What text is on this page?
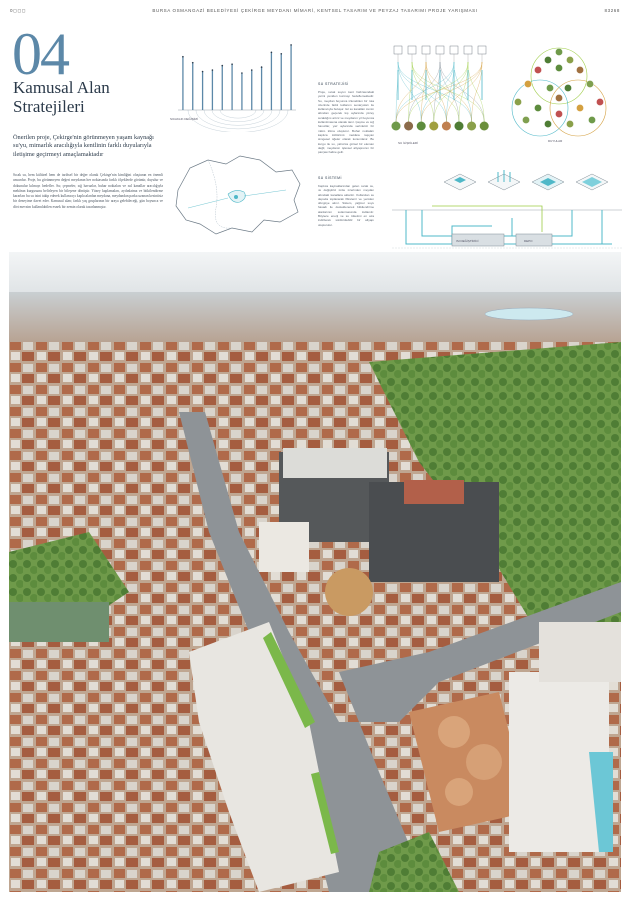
0◻◻◻	BURSA OSMANGAZİ BELEDİYESİ ÇEKİRGE MEYDANI MİMARİ, KENTSEL TASARIM VE PEYZAJ TASARIMI PROJE YARIŞMASI	83268
04
Kamusal Alan
Stratejileri
Önerilen proje, Çekirge'nin görünmeyen yaşam kaynağı su'yu, mimarlık aracılığıyla kentlinin farklı duyularıyla iletişime geçirmeyi amaçlamaktadır
Sıcak su, hem kültürel hem de tarihsel bir değer olarak Çekirge'nin kimliğini oluşturan en önemli unsurdur. Proje, bu görünmeyen değeri meydanın her noktasında farklı ölçeklerde görünür, duyulur ve dokunulur kılmayı hedefler. Su; çeşmeler, sığ havuzlar, buhar noktaları ve ısıl kanallar aracılığıyla mekânın kurgusunu belirleyen bir bileşene dönüşür. Yüzey kaplamaları, aydınlatma ve bitkilendirme kararları bu su izini takip ederek kullanıcıyı kaplıcalardan meydana, meydandan parka uzanan kesintisiz bir deneyime davet eder. Kamusal alan; farklı yaş gruplarının bir araya gelebileceği, gün boyunca ve dört mevsim kullanılabilen esnek bir zemin olarak tasarlanmıştır.
SICAKLIK DEĞİŞİMİ
SU STRATEJİSİ
Proje, sıcak suyun kent hafızasındaki yerini yeniden kurmayı hedeflemektedir. Su, meydan boyunca izlenebilen bir rota üzerinde farklı kullanım senaryoları ile kullanıcıyla buluşur. Isıl su kanalları zemin altından geçerek kış aylarında yüzey sıcaklığını artırır ve meydanın yıl boyunca kullanılmasına olanak tanır. Çeşme ve sığ havuzlar, yaz aylarında serinletici bir mikro klima oluşturur. Buhar noktaları kaplıca kültürünü mekâna taşıyan simgesel öğeler olarak konumlanır. Bu kurgu ile su, yalnızca görsel bir eleman değil, meydanın işlevsel altyapısının bir parçası haline gelir.
SU SİSTEMİ
Kaplıca kaynaklarından gelen sıcak su, ısı değiştirici ünite üzerinden meydan altındaki kanallara aktarılır. Kullanılan su depoda toplanarak filtrelenir ve yeniden döngüye alınır. Sistem, yağmur suyu hasadı ile desteklenerek bitkilendirme alanlarının sulanmasında kullanılır. Böylece enerji ve su tüketimi en aza indirilerek sürdürülebilir bir altyapı oluşturulur.
SU İLİŞKİLERİ	DUYULAR
ISI DEĞİŞTİRİCİ	DEPO
